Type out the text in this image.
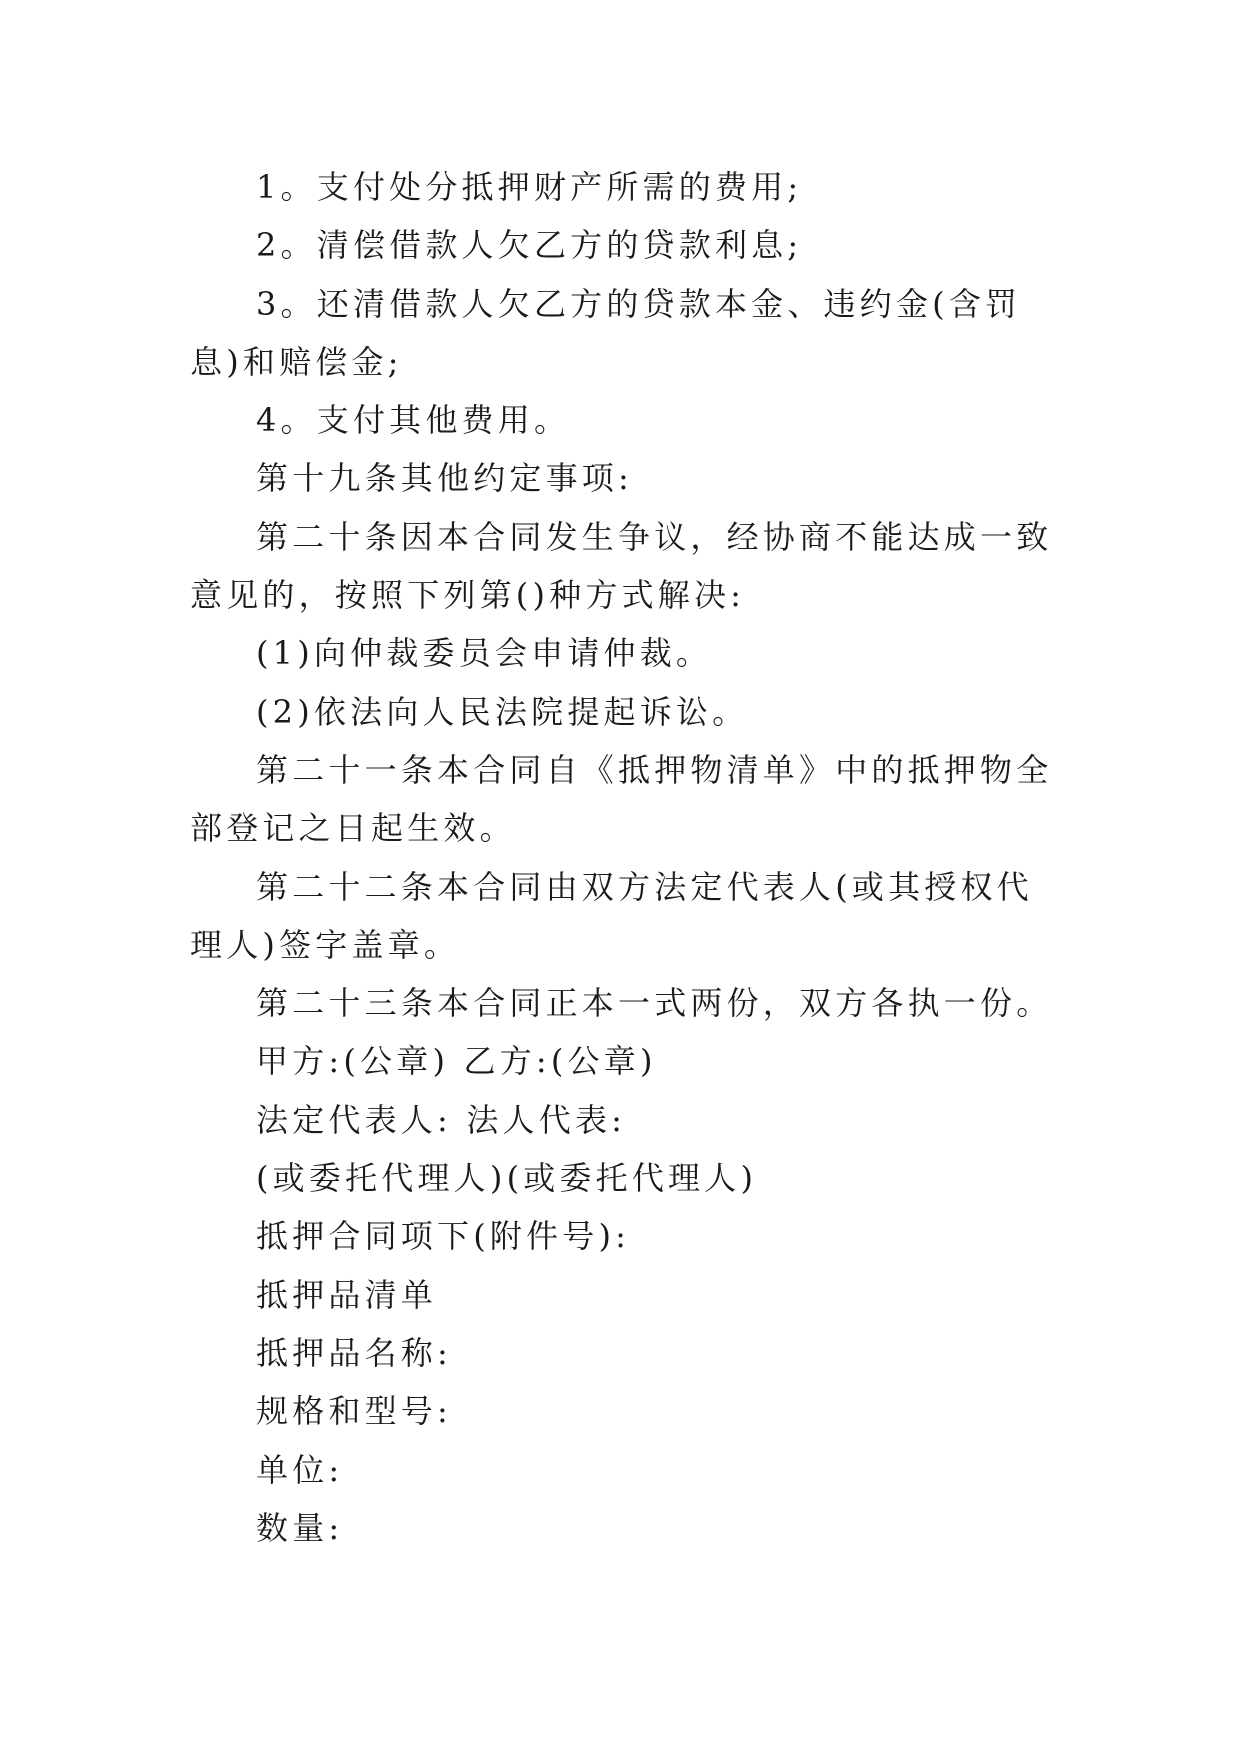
1。支付处分抵押财产所需的费用;

2。清偿借款人欠乙方的贷款利息;

3。还清借款人欠乙方的贷款本金、违约金(含罚息)和赔偿金;

4。支付其他费用。

第十九条其他约定事项:

第二十条因本合同发生争议，经协商不能达成一致意见的，按照下列第()种方式解决:

(1)向仲裁委员会申请仲裁。

(2)依法向人民法院提起诉讼。

第二十一条本合同自《抵押物清单》中的抵押物全部登记之日起生效。

第二十二条本合同由双方法定代表人(或其授权代理人)签字盖章。

第二十三条本合同正本一式两份，双方各执一份。

甲方:(公章) 乙方:(公章)

法定代表人: 法人代表:

(或委托代理人)(或委托代理人)

抵押合同项下(附件号):

抵押品清单

抵押品名称:

规格和型号:

单位:

数量:
